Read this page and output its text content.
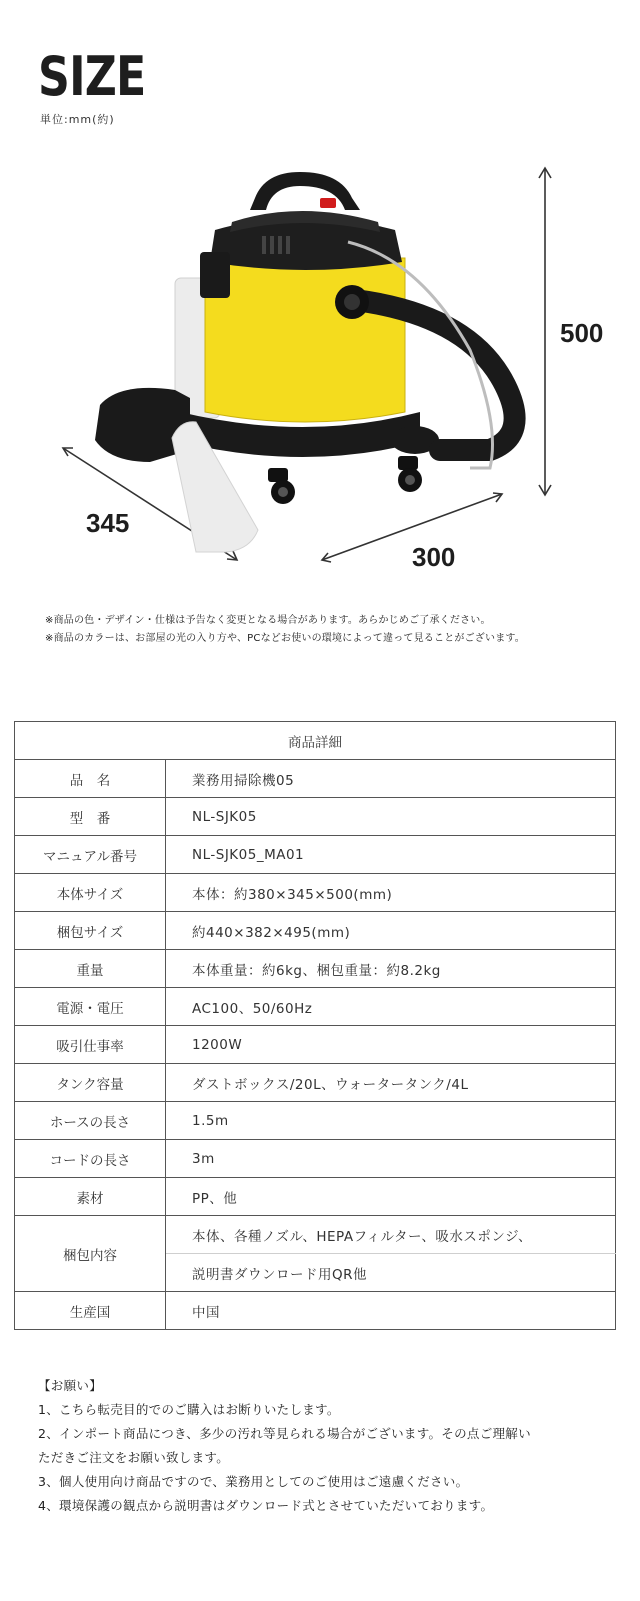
SIZE
単位:mm(約)
500
345
300
※商品の色・デザイン・仕様は予告なく変更となる場合があります。あらかじめご了承ください。
※商品のカラーは、お部屋の光の入り方や、PCなどお使いの環境によって違って見ることがございます。
商品詳細	
品　名	業務用掃除機05
型　番	NL-SJK05
マニュアル番号	NL-SJK05_MA01
本体サイズ	本体：約380×345×500(mm)
梱包サイズ	約440×382×495(mm)
重量	本体重量：約6kg、梱包重量：約8.2kg
電源・電圧	AC100、50/60Hz
吸引仕事率	1200W
タンク容量	ダストボックス/20L、ウォータータンク/4L
ホースの長さ	1.5m
コードの長さ	3m
素材	PP、他
梱包内容	本体、各種ノズル、HEPAフィルター、吸水スポンジ、
	説明書ダウンロード用QR他
生産国	中国

【お願い】

1、こちら転売目的でのご購入はお断りいたします。

2、インポート商品につき、多少の汚れ等見られる場合がございます。その点ご理解い

ただきご注文をお願い致します。

3、個人使用向け商品ですので、業務用としてのご使用はご遠慮ください。

4、環境保護の観点から説明書はダウンロード式とさせていただいております。
